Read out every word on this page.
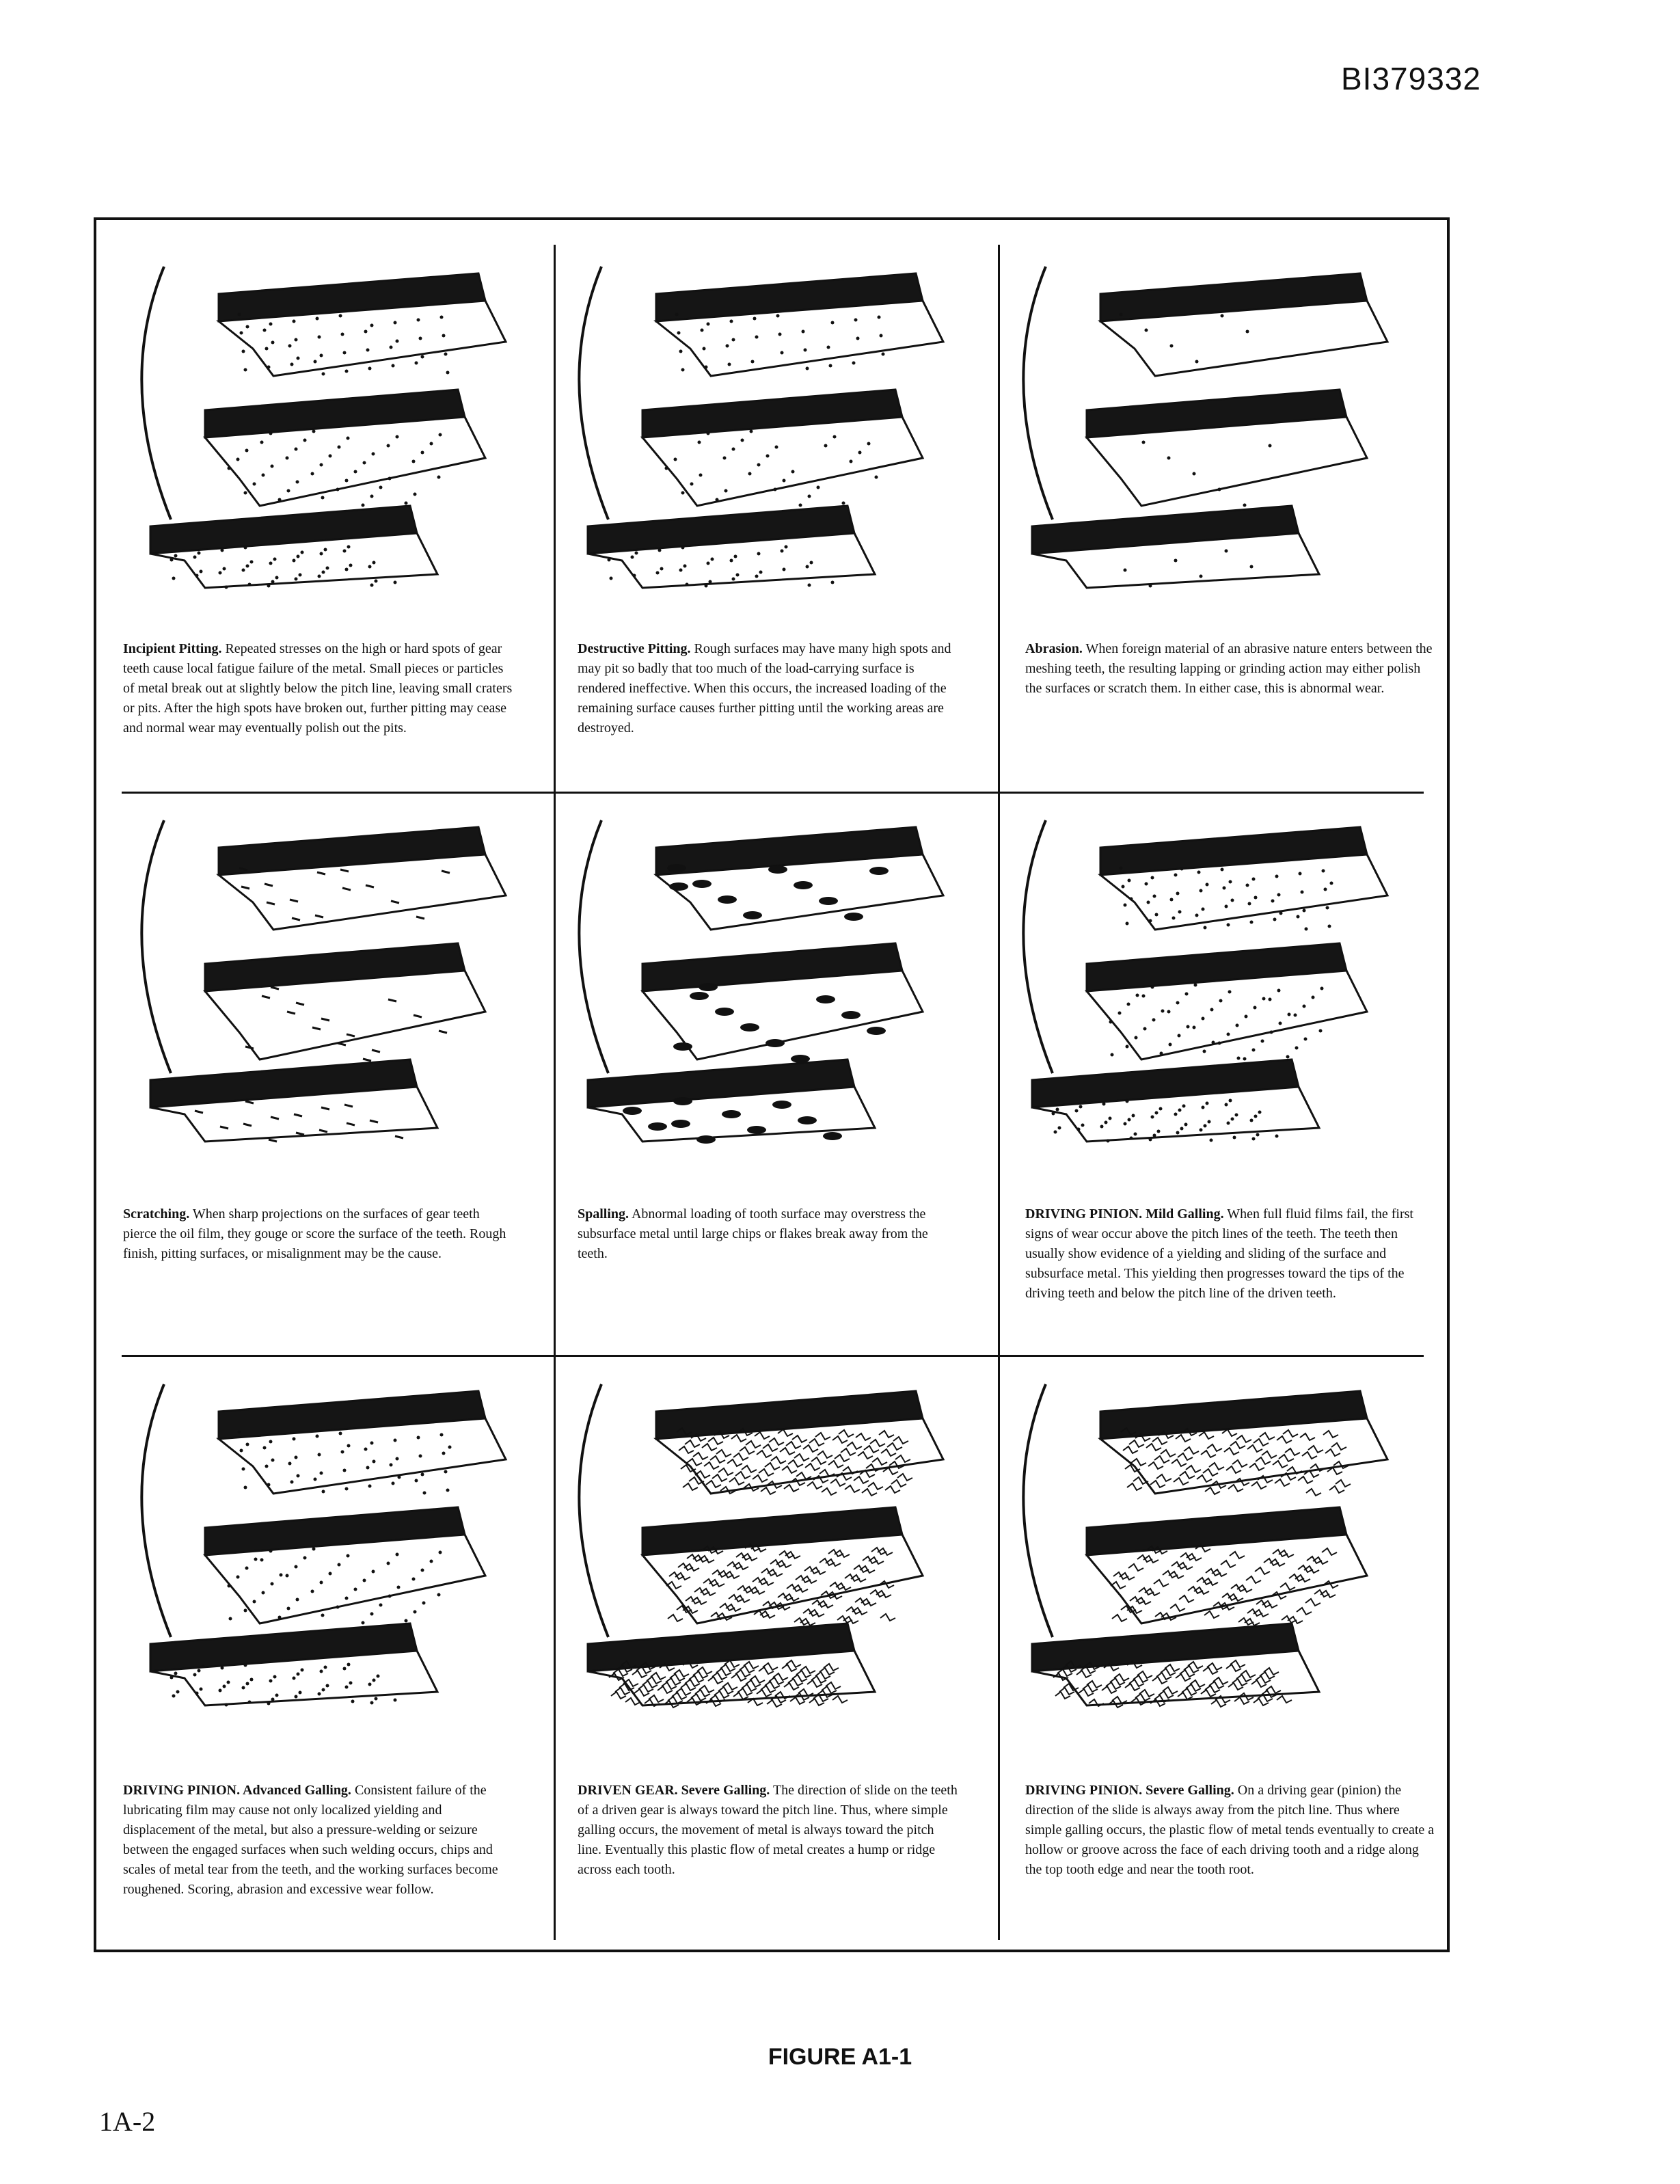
BI379332
Incipient Pitting. Repeated stresses on the high or hard spots of gear teeth cause local fatigue failure of the metal. Small pieces or particles of metal break out at slightly below the pitch line, leaving small craters or pits. After the high spots have broken out, further pitting may cease and normal wear may eventually polish out the pits.
Destructive Pitting. Rough surfaces may have many high spots and may pit so badly that too much of the load-carrying surface is rendered ineffective. When this occurs, the increased loading of the remaining surface causes further pitting until the working areas are destroyed.
Abrasion. When foreign material of an abrasive nature enters between the meshing teeth, the resulting lapping or grinding action may either polish the surfaces or scratch them. In either case, this is abnormal wear.
Scratching. When sharp projections on the surfaces of gear teeth pierce the oil film, they gouge or score the surface of the teeth. Rough finish, pitting surfaces, or misalignment may be the cause.
Spalling. Abnormal loading of tooth surface may overstress the subsurface metal until large chips or flakes break away from the teeth.
DRIVING PINION. Mild Galling. When full fluid films fail, the first signs of wear occur above the pitch lines of the teeth. The teeth then usually show evidence of a yielding and sliding of the surface and subsurface metal. This yielding then progresses toward the tips of the driving teeth and below the pitch line of the driven teeth.
DRIVING PINION. Advanced Galling. Consistent failure of the lubricating film may cause not only localized yielding and displacement of the metal, but also a pressure-welding or seizure between the engaged surfaces when such welding occurs, chips and scales of metal tear from the teeth, and the working surfaces become roughened. Scoring, abrasion and excessive wear follow.
DRIVEN GEAR. Severe Galling. The direction of slide on the teeth of a driven gear is always toward the pitch line. Thus, where simple galling occurs, the movement of metal is always toward the pitch line. Eventually this plastic flow of metal creates a hump or ridge across each tooth.
DRIVING PINION. Severe Galling. On a driving gear (pinion) the direction of the slide is always away from the pitch line. Thus where simple galling occurs, the plastic flow of metal tends eventually to create a hollow or groove across the face of each driving tooth and a ridge along the top tooth edge and near the tooth root.
FIGURE A1-1
1A-2
